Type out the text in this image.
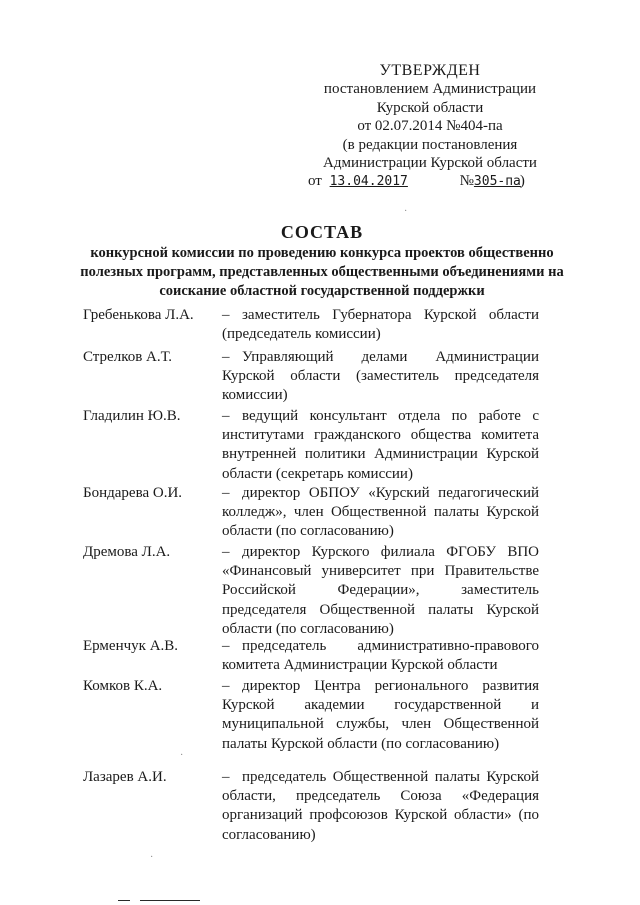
УТВЕРЖДЕН
постановлением Администрации
Курской области
от 02.07.2014 №404-па
(в редакции постановления
Администрации Курской области
от 13.04.2017	№305-па)
СОСТАВ
конкурсной комиссии по проведению конкурса проектов общественно полезных программ, представленных общественными объединениями на соискание областной государственной поддержки
Гребенькова Л.А.	– заместитель Губернатора Курской области (председатель комиссии)
Стрелков А.Т.	– Управляющий делами Администрации Курской области (заместитель председателя комиссии)
Гладилин Ю.В.	– ведущий консультант отдела по работе с институтами гражданского общества комитета внутренней политики Администрации Курской области (секретарь комиссии)
Бондарева О.И.	– директор ОБПОУ «Курский педагогический колледж», член Общественной палаты Курской области (по согласованию)
Дремова Л.А.	– директор Курского филиала ФГОБУ ВПО «Финансовый университет при Правительстве Российской Федерации», заместитель председателя Общественной палаты Курской области (по согласованию)
Ерменчук А.В.	– председатель административно-правового комитета Администрации Курской области
Комков К.А.	– директор Центра регионального развития Курской академии государственной и муниципальной службы, член Общественной палаты Курской области (по согласованию)
Лазарев А.И.	– председатель Общественной палаты Курской области, председатель Союза «Федерация организаций профсоюзов Курской области» (по согласованию)
·
·
·
